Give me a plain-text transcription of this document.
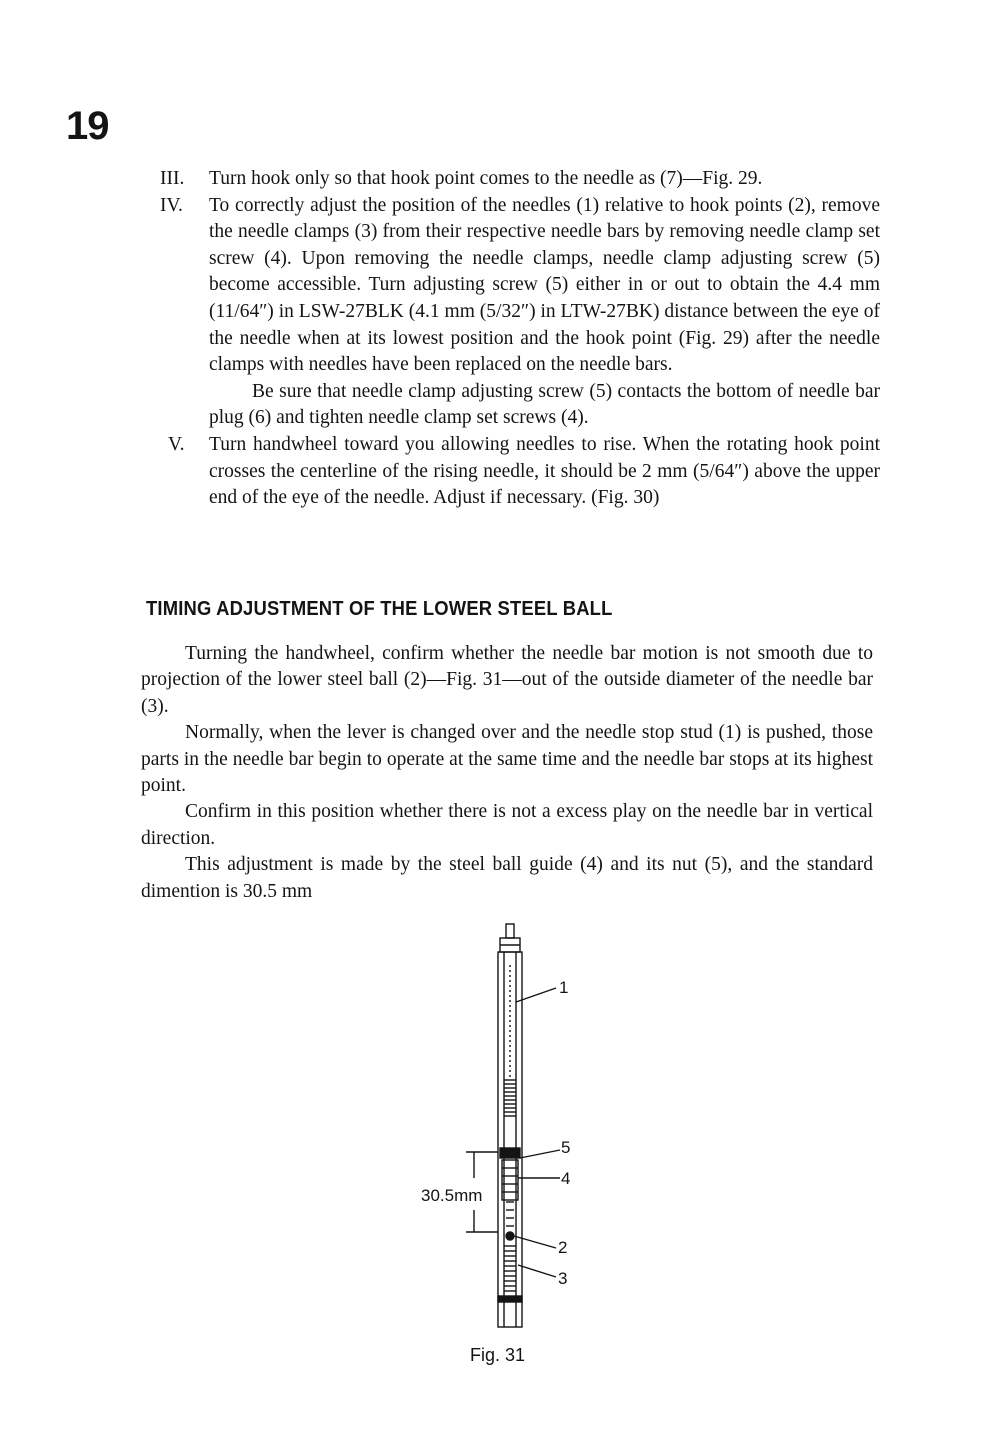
19
III.	Turn hook only so that hook point comes to the needle as (7)—Fig. 29.
IV.	To correctly adjust the position of the needles (1) relative to hook points (2), remove the needle clamps (3) from their respective needle bars by removing needle clamp set screw (4). Upon removing the needle clamps, needle clamp adjusting screw (5) become accessible. Turn adjusting screw (5) either in or out to obtain the 4.4 mm (11/64″) in LSW-27BLK (4.1 mm (5/32″) in LTW-27BK) distance between the eye of the needle when at its lowest position and the hook point (Fig. 29) after the needle clamps with needles have been replaced on the needle bars.
Be sure that needle clamp adjusting screw (5) contacts the bottom of needle bar plug (6) and tighten needle clamp set screws (4).
V.	Turn handwheel toward you allowing needles to rise. When the rotating hook point crosses the centerline of the rising needle, it should be 2 mm (5/64″) above the upper end of the eye of the needle. Adjust if necessary. (Fig. 30)
TIMING ADJUSTMENT OF THE LOWER STEEL BALL

Turning the handwheel, confirm whether the needle bar motion is not smooth due to projection of the lower steel ball (2)—Fig. 31—out of the outside diameter of the needle bar (3).

Normally, when the lever is changed over and the needle stop stud (1) is pushed, those parts in the needle bar begin to operate at the same time and the needle bar stops at its highest point.

Confirm in this position whether there is not a excess play on the needle bar in vertical direction.

This adjustment is made by the steel ball guide (4) and its nut (5), and the standard dimention is 30.5 mm

1
5
4
2
3
30.5mm
Fig. 31
